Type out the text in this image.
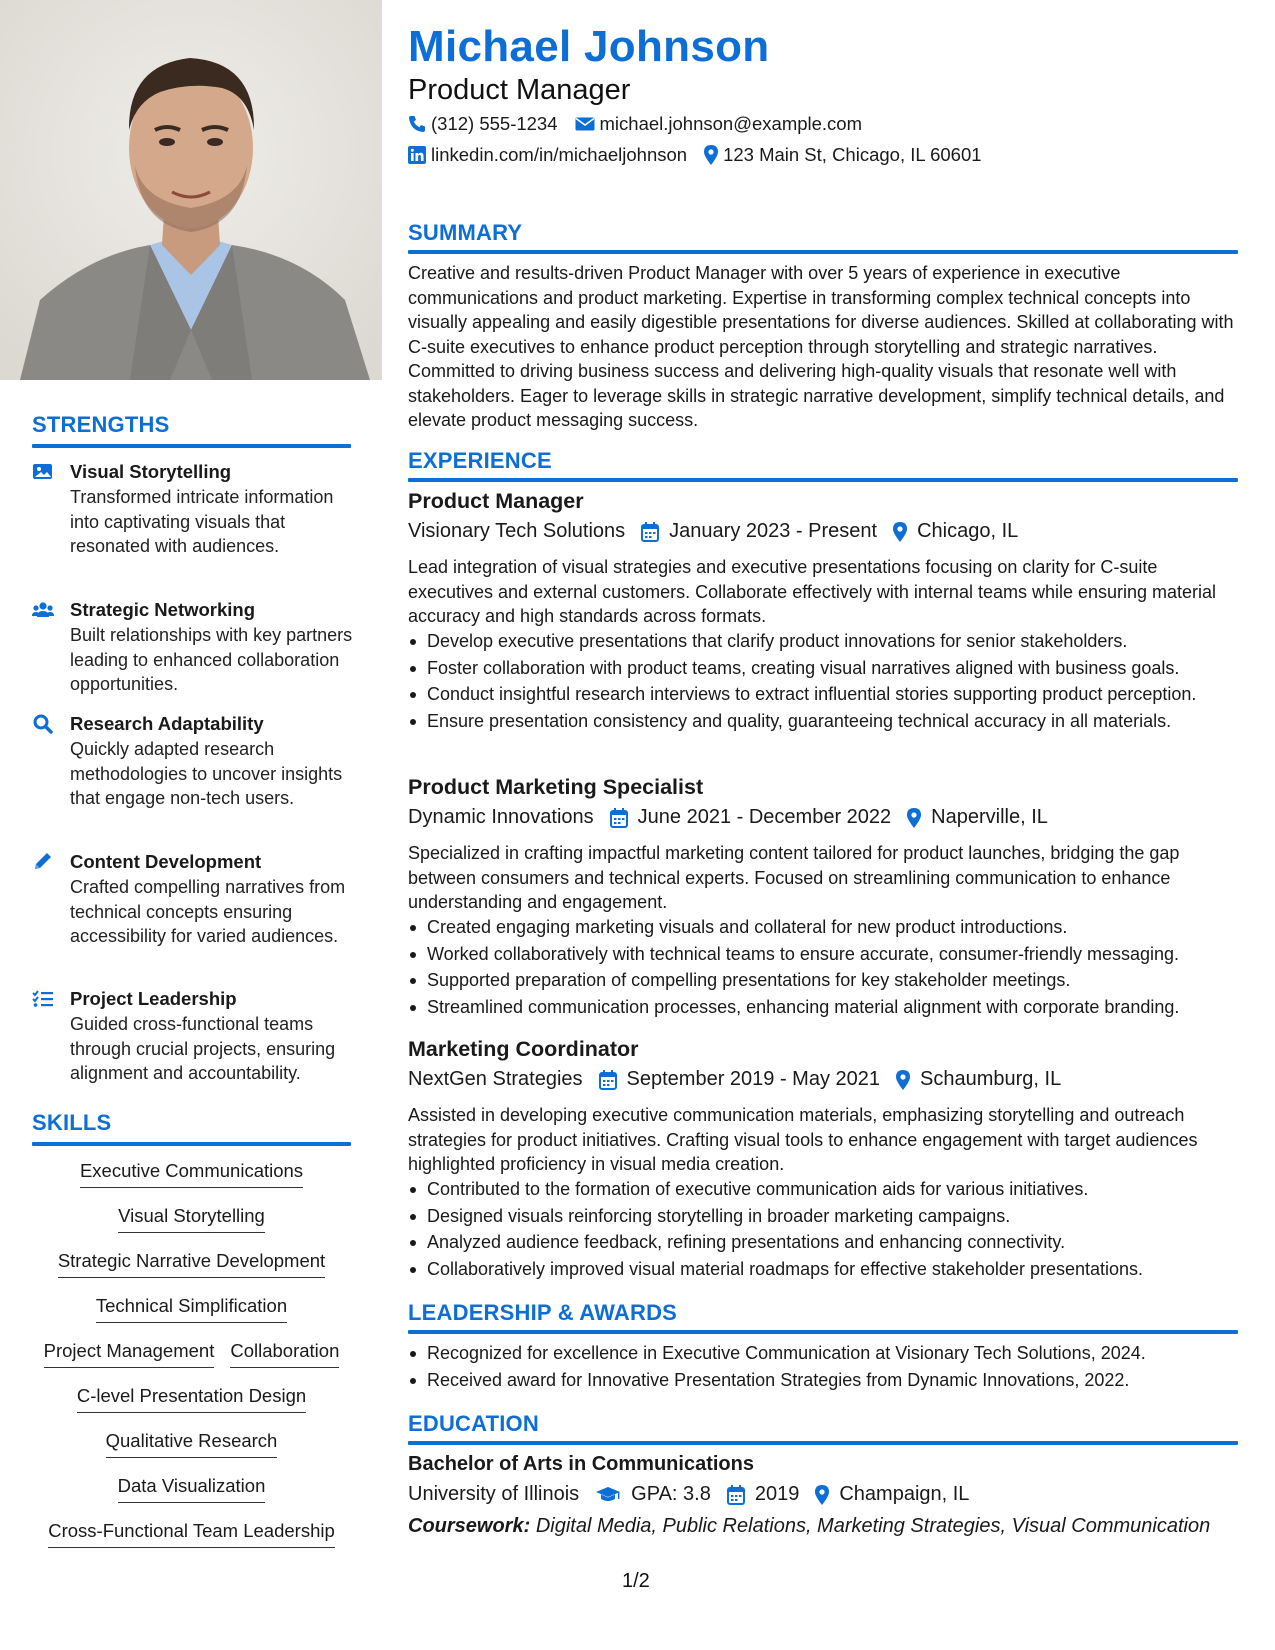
STRENGTHS
Visual Storytelling
Transformed intricate information into captivating visuals that resonated with audiences.
Strategic Networking
Built relationships with key partners leading to enhanced collaboration opportunities.
Research Adaptability
Quickly adapted research methodologies to uncover insights that engage non-tech users.
Content Development
Crafted compelling narratives from technical concepts ensuring accessibility for varied audiences.
Project Leadership
Guided cross-functional teams through crucial projects, ensuring alignment and accountability.
SKILLS
Executive Communications
Visual Storytelling
Strategic Narrative Development
Technical Simplification
Project Management Collaboration
C-level Presentation Design
Qualitative Research
Data Visualization
Cross-Functional Team Leadership
Michael Johnson
Product Manager
(312) 555-1234 michael.johnson@example.com
linkedin.com/in/michaeljohnson 123 Main St, Chicago, IL 60601
SUMMARY
Creative and results-driven Product Manager with over 5 years of experience in executive communications and product marketing. Expertise in transforming complex technical concepts into visually appealing and easily digestible presentations for diverse audiences. Skilled at collaborating with C-suite executives to enhance product perception through storytelling and strategic narratives. Committed to driving business success and delivering high-quality visuals that resonate well with stakeholders. Eager to leverage skills in strategic narrative development, simplify technical details, and elevate product messaging success.
EXPERIENCE
Product Manager
Visionary Tech Solutions January 2023 - Present Chicago, IL
Lead integration of visual strategies and executive presentations focusing on clarity for C-suite executives and external customers. Collaborate effectively with internal teams while ensuring material accuracy and high standards across formats.
Develop executive presentations that clarify product innovations for senior stakeholders.
Foster collaboration with product teams, creating visual narratives aligned with business goals.
Conduct insightful research interviews to extract influential stories supporting product perception.
Ensure presentation consistency and quality, guaranteeing technical accuracy in all materials.
Product Marketing Specialist
Dynamic Innovations June 2021 - December 2022 Naperville, IL
Specialized in crafting impactful marketing content tailored for product launches, bridging the gap between consumers and technical experts. Focused on streamlining communication to enhance understanding and engagement.
Created engaging marketing visuals and collateral for new product introductions.
Worked collaboratively with technical teams to ensure accurate, consumer-friendly messaging.
Supported preparation of compelling presentations for key stakeholder meetings.
Streamlined communication processes, enhancing material alignment with corporate branding.
Marketing Coordinator
NextGen Strategies September 2019 - May 2021 Schaumburg, IL
Assisted in developing executive communication materials, emphasizing storytelling and outreach strategies for product initiatives. Crafting visual tools to enhance engagement with target audiences highlighted proficiency in visual media creation.
Contributed to the formation of executive communication aids for various initiatives.
Designed visuals reinforcing storytelling in broader marketing campaigns.
Analyzed audience feedback, refining presentations and enhancing connectivity.
Collaboratively improved visual material roadmaps for effective stakeholder presentations.
LEADERSHIP & AWARDS
Recognized for excellence in Executive Communication at Visionary Tech Solutions, 2024.
Received award for Innovative Presentation Strategies from Dynamic Innovations, 2022.
EDUCATION
Bachelor of Arts in Communications
University of Illinois	GPA: 3.8 2019 Champaign, IL
Coursework: Digital Media, Public Relations, Marketing Strategies, Visual Communication
1/2
